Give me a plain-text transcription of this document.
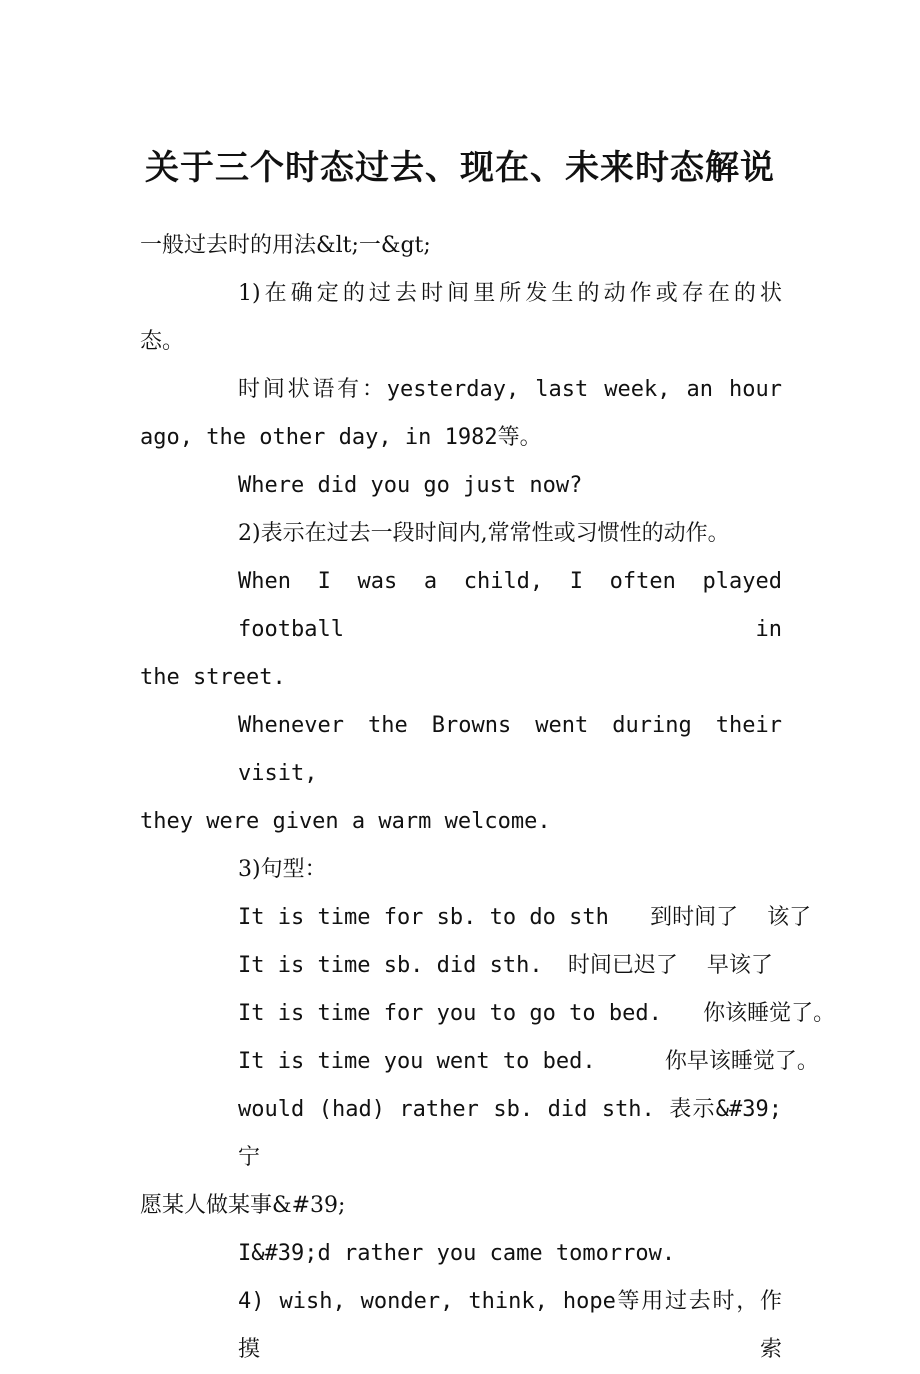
关于三个时态过去、现在、未来时态解说
一般过去时的用法&lt;一&gt;
1)在确定的过去时间里所发生的动作或存在的状
态。
时间状语有：yesterday, last week, an hour
ago, the other day, in 1982等。
Where did you go just now?
2)表示在过去一段时间内,常常性或习惯性的动作。
When I was a child, I often played football in
the street.
Whenever the Browns went during their visit,
they were given a warm welcome.
3)句型：
It is time for sb. to do sth 到时间了　 该了
It is time sb. did sth. 时间已迟了　 早该了
It is time for you to go to bed. 你该睡觉了。
It is time you went to bed.	你早该睡觉了。
would (had) rather sb. did sth. 表示&#39;宁
愿某人做某事&#39;
I&#39;d rather you came tomorrow.
4) wish, wonder, think, hope等用过去时，作摸索
